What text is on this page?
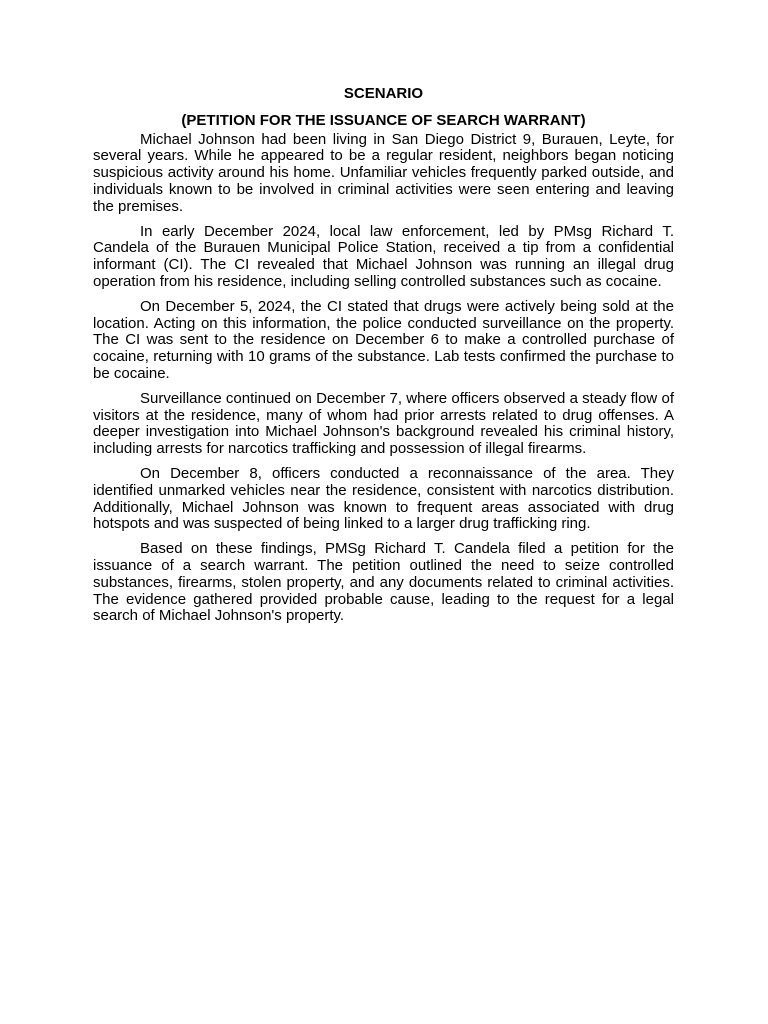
SCENARIO

(PETITION FOR THE ISSUANCE OF SEARCH WARRANT)

Michael Johnson had been living in San Diego District 9, Burauen, Leyte, for several years. While he appeared to be a regular resident, neighbors began noticing suspicious activity around his home. Unfamiliar vehicles frequently parked outside, and individuals known to be involved in criminal activities were seen entering and leaving the premises.

In early December 2024, local law enforcement, led by PMsg Richard T. Candela of the Burauen Municipal Police Station, received a tip from a confidential informant (CI). The CI revealed that Michael Johnson was running an illegal drug operation from his residence, including selling controlled substances such as cocaine.

On December 5, 2024, the CI stated that drugs were actively being sold at the location. Acting on this information, the police conducted surveillance on the property. The CI was sent to the residence on December 6 to make a controlled purchase of cocaine, returning with 10 grams of the substance. Lab tests confirmed the purchase to be cocaine.

Surveillance continued on December 7, where officers observed a steady flow of visitors at the residence, many of whom had prior arrests related to drug offenses. A deeper investigation into Michael Johnson's background revealed his criminal history, including arrests for narcotics trafficking and possession of illegal firearms.

On December 8, officers conducted a reconnaissance of the area. They identified unmarked vehicles near the residence, consistent with narcotics distribution. Additionally, Michael Johnson was known to frequent areas associated with drug hotspots and was suspected of being linked to a larger drug trafficking ring.

Based on these findings, PMSg Richard T. Candela filed a petition for the issuance of a search warrant. The petition outlined the need to seize controlled substances, firearms, stolen property, and any documents related to criminal activities. The evidence gathered provided probable cause, leading to the request for a legal search of Michael Johnson's property.
